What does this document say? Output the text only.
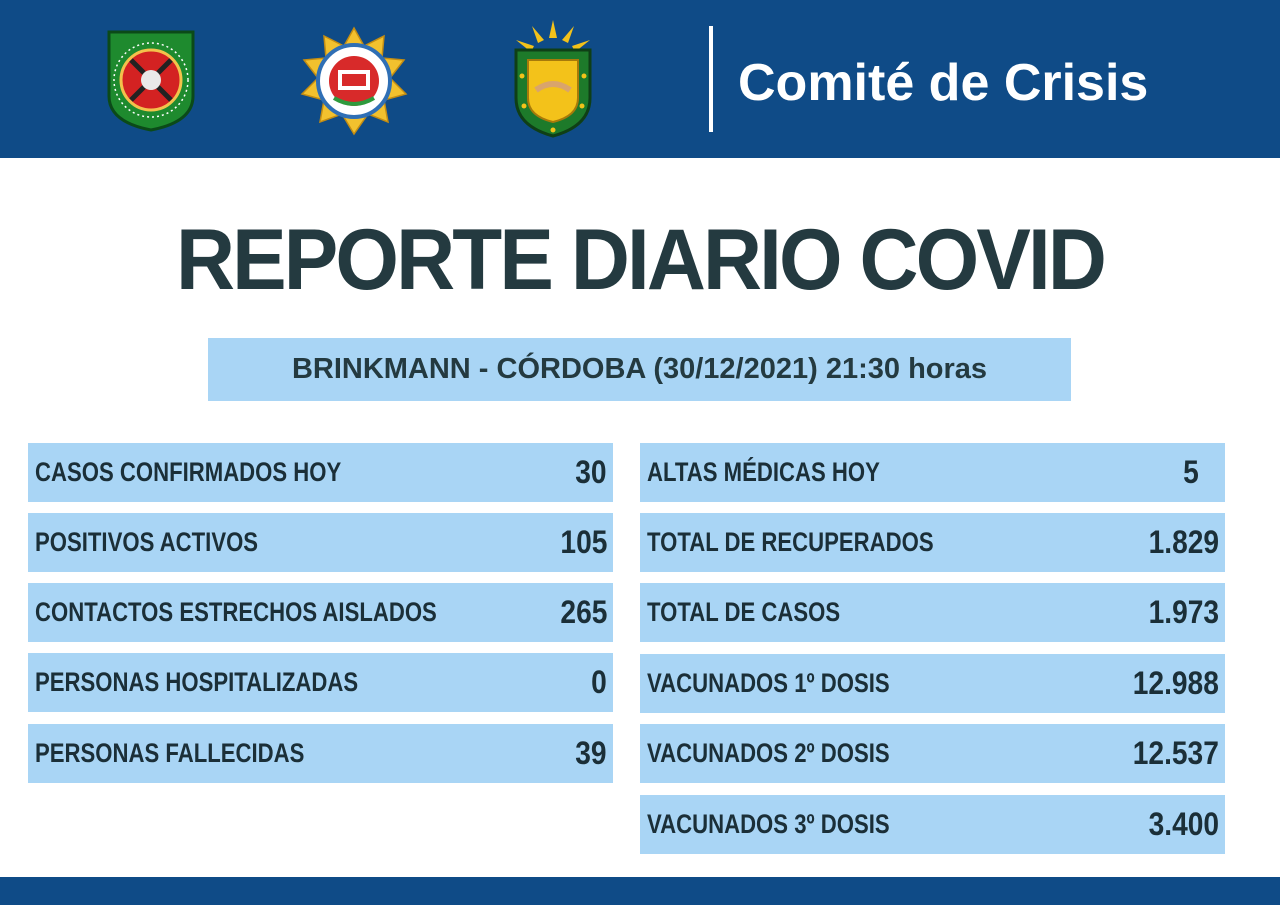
Comité de Crisis
REPORTE DIARIO COVID
BRINKMANN - CÓRDOBA (30/12/2021) 21:30 horas
CASOS CONFIRMADOS HOY	30
POSITIVOS ACTIVOS	105
CONTACTOS ESTRECHOS AISLADOS	265
PERSONAS HOSPITALIZADAS	0
PERSONAS FALLECIDAS	39
ALTAS MÉDICAS HOY	5
TOTAL DE RECUPERADOS	1.829
TOTAL DE CASOS	1.973
VACUNADOS 1º DOSIS	12.988
VACUNADOS 2º DOSIS	12.537
VACUNADOS 3º DOSIS	3.400
